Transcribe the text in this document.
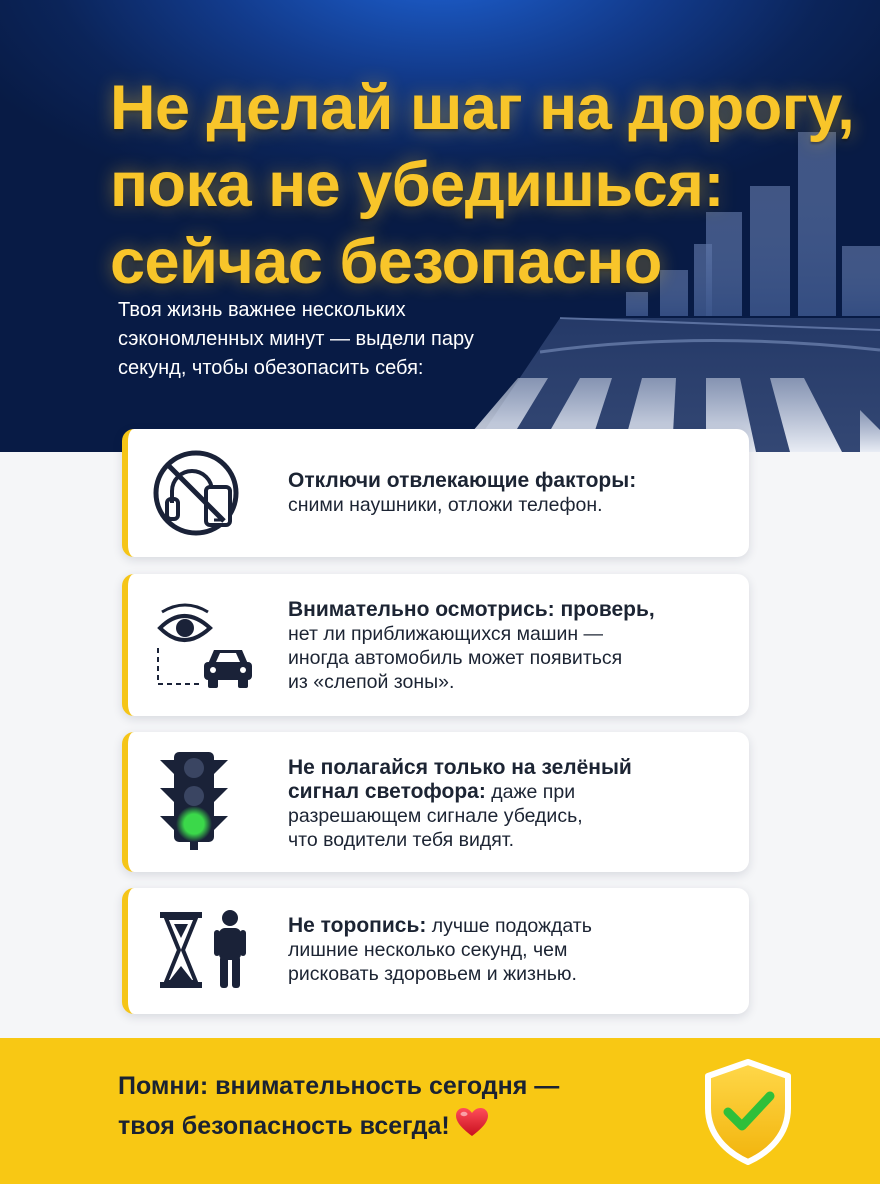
Не делай шаг на дорогу,
пока не убедишься:
сейчас безопасно
Твоя жизнь важнее нескольких
сэкономленных минут — выдели пару
секунд, чтобы обезопасить себя:
Отключи отвлекающие факторы:
сними наушники, отложи телефон.
Внимательно осмотрись: проверь,
нет ли приближающихся машин —
иногда автомобиль может появиться
из «слепой зоны».
Не полагайся только на зелёный
сигнал светофора: даже при
разрешающем сигнале убедись,
что водители тебя видят.
Не торопись: лучше подождать
лишние несколько секунд, чем
рисковать здоровьем и жизнью.
Помни: внимательность сегодня —
твоя безопасность всегда!
